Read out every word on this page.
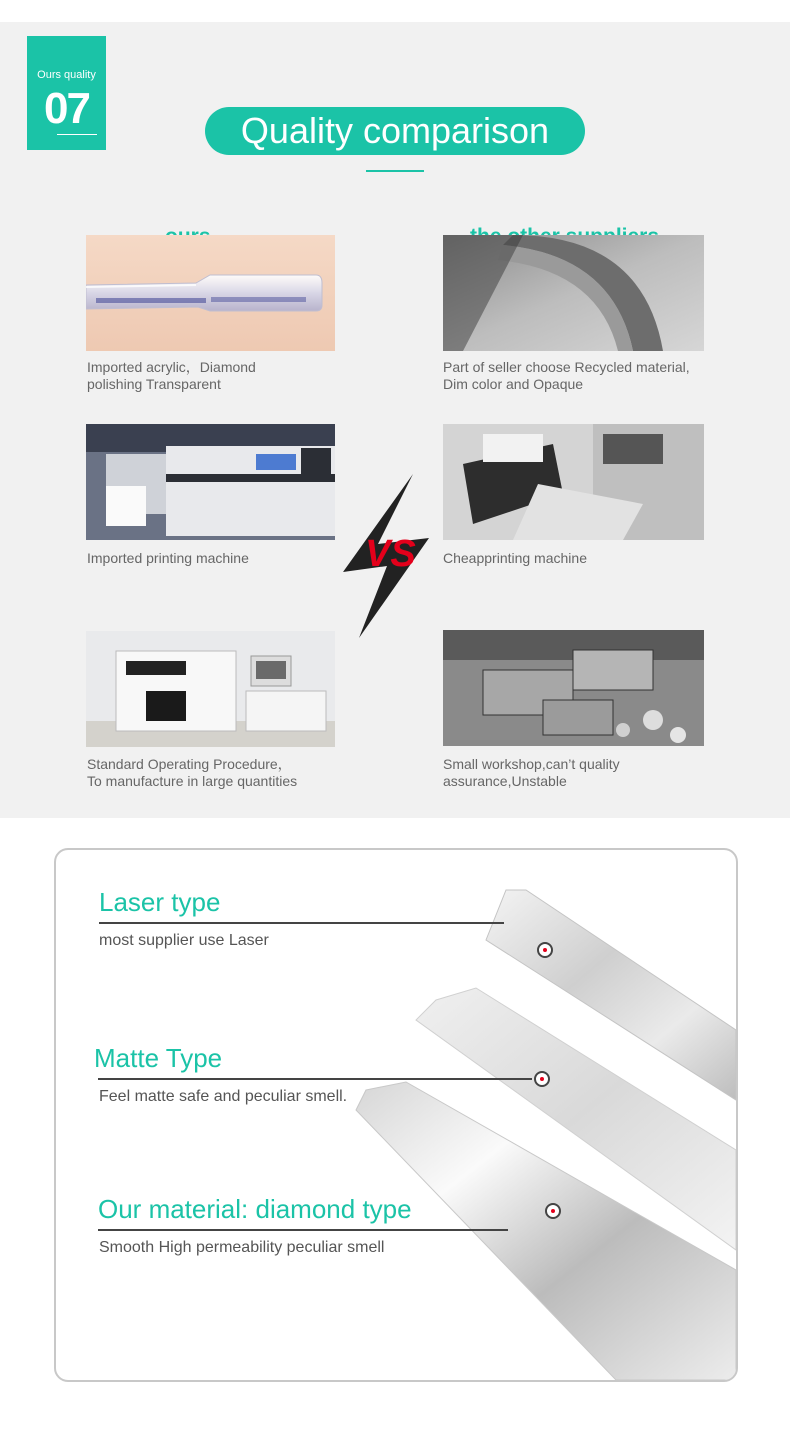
Ours quality
07	Quality comparison
Imported acrylic，Diamond
polishing Transparent
Part of seller choose Recycled material,
Dim color and Opaque
Imported printing machine	Cheapprinting machine
VS
Standard Operating Procedure，
To manufacture in large quantities
Small workshop,can’t quality
assurance,Unstable
Laser type
most supplier use Laser
Matte Type
Feel matte safe and peculiar smell.
Our material: diamond type
Smooth High permeability peculiar smell
